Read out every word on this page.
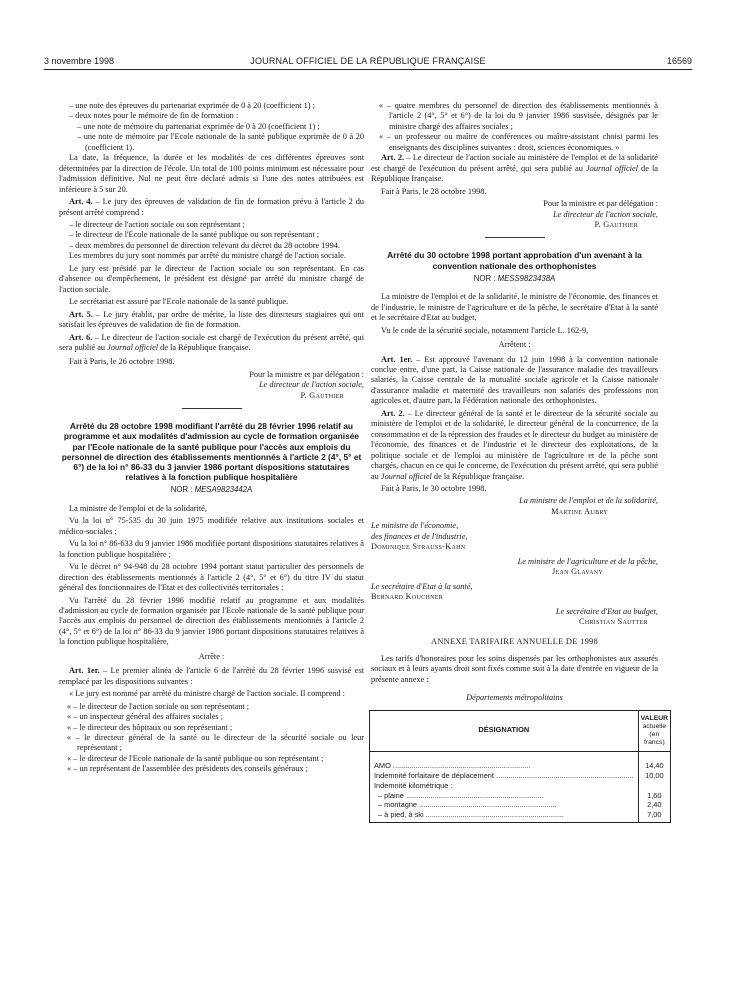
3 novembre 1998	JOURNAL OFFICIEL DE LA RÉPUBLIQUE FRANÇAISE	16569

– une note des épreuves du partenariat exprimée de 0 à 20 (coefficient 1) ;

– deux notes pour le mémoire de fin de formation :

– une note de mémoire du partenariat exprimée de 0 à 20 (coefficient 1) ;

– une note de mémoire par l'Ecole nationale de la santé publique exprimée de 0 à 20 (coefficient 1).

La date, la fréquence, la durée et les modalités de ces différentes épreuves sont déterminées par la direction de l'école. Un total de 100 points minimum est nécessaire pour l'admission définitive. Nul ne peut être déclaré admis si l'une des notes attribuées est inférieure à 5 sur 20.

Art. 4. – Le jury des épreuves de validation de fin de formation prévu à l'article 2 du présent arrêté comprend :

– le directeur de l'action sociale ou son représentant ;

– le directeur de l'Ecole nationale de la santé publique ou son représentant ;

– deux membres du personnel de direction relevant du décret du 28 octobre 1994.

Les membres du jury sont nommés par arrêté du ministre chargé de l'action sociale.

Le jury est présidé par le directeur de l'action sociale ou son représentant. En cas d'absence ou d'empêchement, le président est désigné par arrêté du ministre chargé de l'action sociale.

Le secrétariat est assuré par l'Ecole nationale de la santé publique.

Art. 5. – Le jury établit, par ordre de mérite, la liste des directeurs stagiaires qui ont satisfait les épreuves de validation de fin de formation.

Art. 6. – Le directeur de l'action sociale est chargé de l'exécution du présent arrêté, qui sera publié au Journal officiel de la République française.

Fait à Paris, le 26 octobre 1998.

Pour la ministre et par délégation :

Le directeur de l'action sociale,

P. Gauthier

Arrêté du 28 octobre 1998 modifiant l'arrêté du 28 février 1996 relatif au programme et aux modalités d'admission au cycle de formation organisée par l'Ecole nationale de la santé publique pour l'accès aux emplois du personnel de direction des établissements mentionnés à l'article 2 (4°, 5° et 6°) de la loi n° 86-33 du 3 janvier 1986 portant dispositions statutaires relatives à la fonction publique hospitalière

NOR : MESA9823442A

La ministre de l'emploi et de la solidarité,

Vu la loi n° 75-535 du 30 juin 1975 modifiée relative aux institutions sociales et médico-sociales ;

Vu la loi n° 86-633 du 9 janvier 1986 modifiée portant dispositions statutaires relatives à la fonction publique hospitalière ;

Vu le décret n° 94-948 du 28 octobre 1994 portant statut particulier des personnels de direction des établissements mentionnés à l'article 2 (4°, 5° et 6°) du titre IV du statut général des fonctionnaires de l'Etat et des collectivités territoriales ;

Vu l'arrêté du 28 février 1996 modifié relatif au programme et aux modalités d'admission au cycle de formation organisée par l'Ecole nationale de la santé publique pour l'accès aux emplois du personnel de direction des établissements mentionnés à l'article 2 (4°, 5° et 6°) de la loi n° 86-33 du 9 janvier 1986 portant dispositions statutaires relatives à la fonction publique hospitalière,

Arrête :

Art. 1er. – Le premier alinéa de l'article 6 de l'arrêté du 28 février 1996 susvisé est remplacé par les dispositions suivantes :

« Le jury est nommé par arrêté du ministre chargé de l'action sociale. Il comprend :

« – le directeur de l'action sociale ou son représentant ;

« – un inspecteur général des affaires sociales ;

« – le directeur des hôpitaux ou son représentant ;

« – le directeur général de la santé ou le directeur de la sécurité sociale ou leur représentant ;

« – le directeur de l'Ecole nationale de la santé publique ou son représentant ;

« – un représentant de l'assemblée des présidents des conseils généraux ;

« – quatre membres du personnel de direction des établissements mentionnés à l'article 2 (4°, 5° et 6°) de la loi du 9 janvier 1986 susvisée, désignés par le ministre chargé des affaires sociales ;

« – un professeur ou maître de conférences ou maître-assistant choisi parmi les enseignants des disciplines suivantes : droit, sciences économiques. »

Art. 2. – Le directeur de l'action sociale au ministère de l'emploi et de la solidarité est chargé de l'exécution du présent arrêté, qui sera publié au Journal officiel de la République française.

Fait à Paris, le 28 octobre 1998.

Pour la ministre et par délégation :

Le directeur de l'action sociale,

P. Gauthier

Arrêté du 30 octobre 1998 portant approbation d'un avenant à la convention nationale des orthophonistes

NOR : MESS9823438A

La ministre de l'emploi et de la solidarité, le ministre de l'économie, des finances et de l'industrie, le ministre de l'agriculture et de la pêche, le secrétaire d'Etat à la santé et le secrétaire d'Etat au budget,

Vu le code de la sécurité sociale, notamment l'article L. 162-9,

Arrêtent :

Art. 1er. – Est approuvé l'avenant du 12 juin 1998 à la convention nationale conclue entre, d'une part, la Caisse nationale de l'assurance maladie des travailleurs salariés, la Caisse centrale de la mutualité sociale agricole et la Caisse nationale d'assurance maladie et maternité des travailleurs non salariés des professions non agricoles et, d'autre part, la Fédération nationale des orthophonistes.

Art. 2. – Le directeur général de la santé et le directeur de la sécurité sociale au ministère de l'emploi et de la solidarité, le directeur général de la concurrence, de la consommation et de la répression des fraudes et le directeur du budget au ministère de l'économie, des finances et de l'industrie et le directeur des exploitations, de la politique sociale et de l'emploi au ministère de l'agriculture et de la pêche sont chargés, chacun en ce qui le concerne, de l'exécution du présent arrêté, qui sera publié au Journal officiel de la République française.

Fait à Paris, le 30 octobre 1998.

La ministre de l'emploi et de la solidarité,

Martine Aubry

Le ministre de l'économie,

des finances et de l'industrie,

Dominique Strauss-Kahn

Le ministre de l'agriculture et de la pêche,

Jean Glavany

Le secrétaire d'Etat à la santé,

Bernard Kouchner

Le secrétaire d'Etat au budget,

Christian Sautter

ANNEXE TARIFAIRE ANNUELLE DE 1998

Les tarifs d'honoraires pour les soins dispensés par les orthophonistes aux assurés sociaux et à leurs ayants droit sont fixés comme suit à la date d'entrée en vigueur de la présente annexe :

Départements métropolitains

DÉSIGNATION	VALEUR
actuelle
(en francs)

AMO .....	14,40
Indemnité forfaitaire de déplacement .....	10,00
Indemnité kilométrique :	
– plaine .....	1,60
– montagne .....	2,40
– à pied, à ski .....	7,00
